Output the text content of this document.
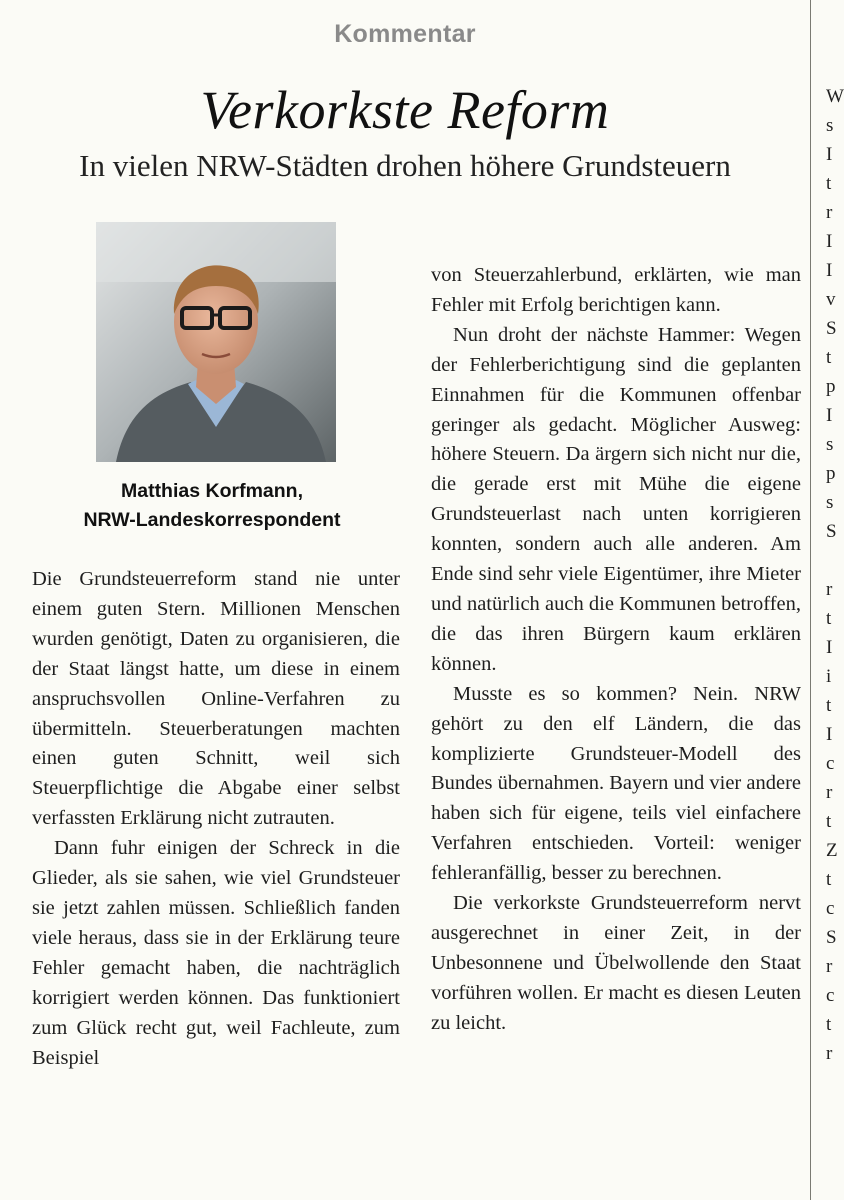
W
s
I
t
r
I
I
v
S
t
p
I
s
p
s
S
r
t
I
i
t
I
c
r
t
Z
t
c
S
r
c
t
r
Kommentar
Verkorkste Reform
In vielen NRW-Städten drohen höhere Grundsteuern
Matthias Korfmann,
NRW-Landeskorrespondent

Die Grundsteuerreform stand nie unter einem guten Stern. Millionen Menschen wurden genötigt, Daten zu organisieren, die der Staat längst hatte, um diese in einem anspruchsvollen Online-Verfahren zu übermitteln. Steuerberatungen machten einen guten Schnitt, weil sich Steuerpflichtige die Abgabe einer selbst verfassten Erklärung nicht zutrauten.

Dann fuhr einigen der Schreck in die Glieder, als sie sahen, wie viel Grundsteuer sie jetzt zahlen müssen. Schließlich fanden viele heraus, dass sie in der Erklärung teure Fehler gemacht haben, die nachträglich korrigiert werden können. Das funktioniert zum Glück recht gut, weil Fachleute, zum Beispiel

von Steuerzahlerbund, erklärten, wie man Fehler mit Erfolg berichtigen kann.

Nun droht der nächste Hammer: Wegen der Fehlerberichtigung sind die geplanten Einnahmen für die Kommunen offenbar geringer als gedacht. Möglicher Ausweg: höhere Steuern. Da ärgern sich nicht nur die, die gerade erst mit Mühe die eigene Grundsteuerlast nach unten korrigieren konnten, sondern auch alle anderen. Am Ende sind sehr viele Eigentümer, ihre Mieter und natürlich auch die Kommunen betroffen, die das ihren Bürgern kaum erklären können.

Musste es so kommen? Nein. NRW gehört zu den elf Ländern, die das komplizierte Grundsteuer-Modell des Bundes übernahmen. Bayern und vier andere haben sich für eigene, teils viel einfachere Verfahren entschieden. Vorteil: weniger fehleranfällig, besser zu berechnen.

Die verkorkste Grundsteuerreform nervt ausgerechnet in einer Zeit, in der Unbesonnene und Übelwollende den Staat vorführen wollen. Er macht es diesen Leuten zu leicht.
